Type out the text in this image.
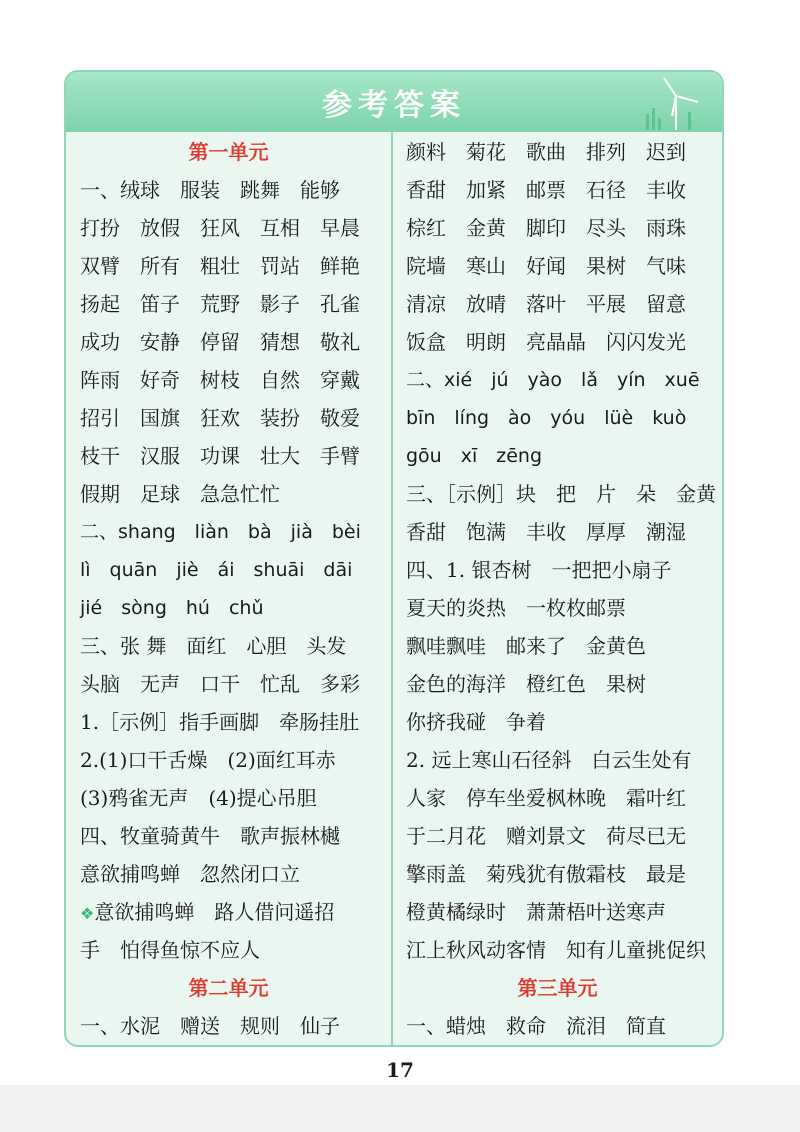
参考答案
第一单元
一、绒球　服装　跳舞　能够
打扮　放假　狂风　互相　早晨
双臂　所有　粗壮　罚站　鲜艳
扬起　笛子　荒野　影子　孔雀
成功　安静　停留　猜想　敬礼
阵雨　好奇　树枝　自然　穿戴
招引　国旗　狂欢　装扮　敬爱
枝干　汉服　功课　壮大　手臂
假期　足球　急急忙忙
二、shang　liàn　bà　jià　bèi
lì　quān　jiè　ái　shuāi　dāi
jié　sòng　hú　chǔ
三、张 舞　面红　心胆　头发
头脑　无声　口干　忙乱　多彩
1.［示例］指手画脚　牵肠挂肚
2.(1)口干舌燥　(2)面红耳赤
(3)鸦雀无声　(4)提心吊胆
四、牧童骑黄牛　歌声振林樾
意欲捕鸣蝉　忽然闭口立
❖意欲捕鸣蝉　路人借问遥招
手　怕得鱼惊不应人
第二单元
一、水泥　赠送　规则　仙子
颜料　菊花　歌曲　排列　迟到
香甜　加紧　邮票　石径　丰收
棕红　金黄　脚印　尽头　雨珠
院墙　寒山　好闻　果树　气味
清凉　放晴　落叶　平展　留意
饭盒　明朗　亮晶晶　闪闪发光
二、xié　jú　yào　lǎ　yín　xuē
bīn　líng　ào　yóu　lüè　kuò
gōu　xī　zēng
三、［示例］块　把　片　朵　金黄
香甜　饱满　丰收　厚厚　潮湿
四、1. 银杏树　一把把小扇子
夏天的炎热　一枚枚邮票
飘哇飘哇　邮来了　金黄色
金色的海洋　橙红色　果树
你挤我碰　争着
2. 远上寒山石径斜　白云生处有
人家　停车坐爱枫林晚　霜叶红
于二月花　赠刘景文　荷尽已无
擎雨盖　菊残犹有傲霜枝　最是
橙黄橘绿时　萧萧梧叶送寒声
江上秋风动客情　知有儿童挑促织
第三单元
一、蜡烛　救命　流泪　简直
17
